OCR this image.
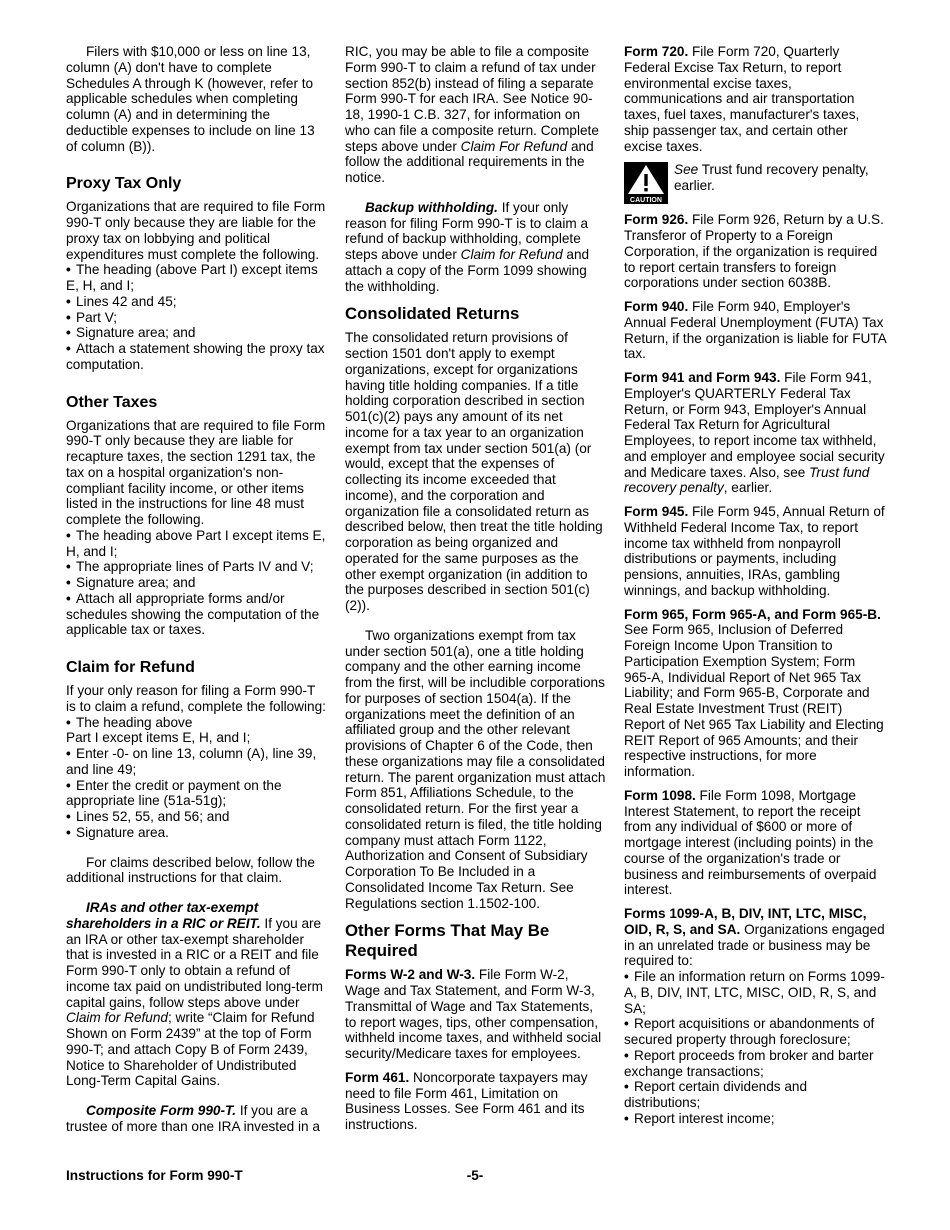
Filers with $10,000 or less on line 13, column (A) don't have to complete Schedules A through K (however, refer to applicable schedules when completing column (A) and in determining the deductible expenses to include on line 13 of column (B)).

Proxy Tax Only

Organizations that are required to file Form 990-T only because they are liable for the proxy tax on lobbying and political expenditures must complete the following.

• The heading (above Part I) except items E, H, and I;

• Lines 42 and 45;

• Part V;

• Signature area; and

• Attach a statement showing the proxy tax computation.

Other Taxes

Organizations that are required to file Form 990-T only because they are liable for recapture taxes, the section 1291 tax, the tax on a hospital organization's non-compliant facility income, or other items listed in the instructions for line 48 must complete the following.

• The heading above Part I except items E, H, and I;

• The appropriate lines of Parts IV and V;

• Signature area; and

• Attach all appropriate forms and/or schedules showing the computation of the applicable tax or taxes.

Claim for Refund

If your only reason for filing a Form 990-T is to claim a refund, complete the following:

• The heading above

Part I except items E, H, and I;

• Enter -0- on line 13, column (A), line 39, and line 49;

• Enter the credit or payment on the appropriate line (51a-51g);

• Lines 52, 55, and 56; and

• Signature area.

For claims described below, follow the additional instructions for that claim.

IRAs and other tax-exempt shareholders in a RIC or REIT. If you are an IRA or other tax-exempt shareholder that is invested in a RIC or a REIT and file Form 990-T only to obtain a refund of income tax paid on undistributed long-term capital gains, follow steps above under Claim for Refund; write “Claim for Refund Shown on Form 2439” at the top of Form 990-T; and attach Copy B of Form 2439, Notice to Shareholder of Undistributed Long-Term Capital Gains.

Composite Form 990-T. If you are a trustee of more than one IRA invested in a

RIC, you may be able to file a composite Form 990-T to claim a refund of tax under section 852(b) instead of filing a separate Form 990-T for each IRA. See Notice 90-18, 1990-1 C.B. 327, for information on who can file a composite return. Complete steps above under Claim For Refund and follow the additional requirements in the notice.

Backup withholding. If your only reason for filing Form 990-T is to claim a refund of backup withholding, complete steps above under Claim for Refund and attach a copy of the Form 1099 showing the withholding.

Consolidated Returns

The consolidated return provisions of section 1501 don't apply to exempt organizations, except for organizations having title holding companies. If a title holding corporation described in section 501(c)(2) pays any amount of its net income for a tax year to an organization exempt from tax under section 501(a) (or would, except that the expenses of collecting its income exceeded that income), and the corporation and organization file a consolidated return as described below, then treat the title holding corporation as being organized and operated for the same purposes as the other exempt organization (in addition to the purposes described in section 501(c)(2)).

Two organizations exempt from tax under section 501(a), one a title holding company and the other earning income from the first, will be includible corporations for purposes of section 1504(a). If the organizations meet the definition of an affiliated group and the other relevant provisions of Chapter 6 of the Code, then these organizations may file a consolidated return. The parent organization must attach Form 851, Affiliations Schedule, to the consolidated return. For the first year a consolidated return is filed, the title holding company must attach Form 1122, Authorization and Consent of Subsidiary Corporation To Be Included in a Consolidated Income Tax Return. See Regulations section 1.1502-100.

Other Forms That May Be Required

Forms W-2 and W-3. File Form W-2, Wage and Tax Statement, and Form W-3, Transmittal of Wage and Tax Statements, to report wages, tips, other compensation, withheld income taxes, and withheld social security/Medicare taxes for employees.

Form 461. Noncorporate taxpayers may need to file Form 461, Limitation on Business Losses. See Form 461 and its instructions.

Form 720. File Form 720, Quarterly Federal Excise Tax Return, to report environmental excise taxes, communications and air transportation taxes, fuel taxes, manufacturer's taxes, ship passenger tax, and certain other excise taxes.

CAUTION
See Trust fund recovery penalty, earlier.

Form 926. File Form 926, Return by a U.S. Transferor of Property to a Foreign Corporation, if the organization is required to report certain transfers to foreign corporations under section 6038B.

Form 940. File Form 940, Employer's Annual Federal Unemployment (FUTA) Tax Return, if the organization is liable for FUTA tax.

Form 941 and Form 943. File Form 941, Employer's QUARTERLY Federal Tax Return, or Form 943, Employer's Annual Federal Tax Return for Agricultural Employees, to report income tax withheld, and employer and employee social security and Medicare taxes. Also, see Trust fund recovery penalty, earlier.

Form 945. File Form 945, Annual Return of Withheld Federal Income Tax, to report income tax withheld from nonpayroll distributions or payments, including pensions, annuities, IRAs, gambling winnings, and backup withholding.

Form 965, Form 965-A, and Form 965-B. See Form 965, Inclusion of Deferred Foreign Income Upon Transition to Participation Exemption System; Form 965-A, Individual Report of Net 965 Tax Liability; and Form 965-B, Corporate and Real Estate Investment Trust (REIT) Report of Net 965 Tax Liability and Electing REIT Report of 965 Amounts; and their respective instructions, for more information.

Form 1098. File Form 1098, Mortgage Interest Statement, to report the receipt from any individual of $600 or more of mortgage interest (including points) in the course of the organization's trade or business and reimbursements of overpaid interest.

Forms 1099-A, B, DIV, INT, LTC, MISC, OID, R, S, and SA. Organizations engaged in an unrelated trade or business may be required to:

• File an information return on Forms 1099-A, B, DIV, INT, LTC, MISC, OID, R, S, and SA;

• Report acquisitions or abandonments of secured property through foreclosure;

• Report proceeds from broker and barter exchange transactions;

• Report certain dividends and distributions;

• Report interest income;

-5-
Instructions for Form 990-T
